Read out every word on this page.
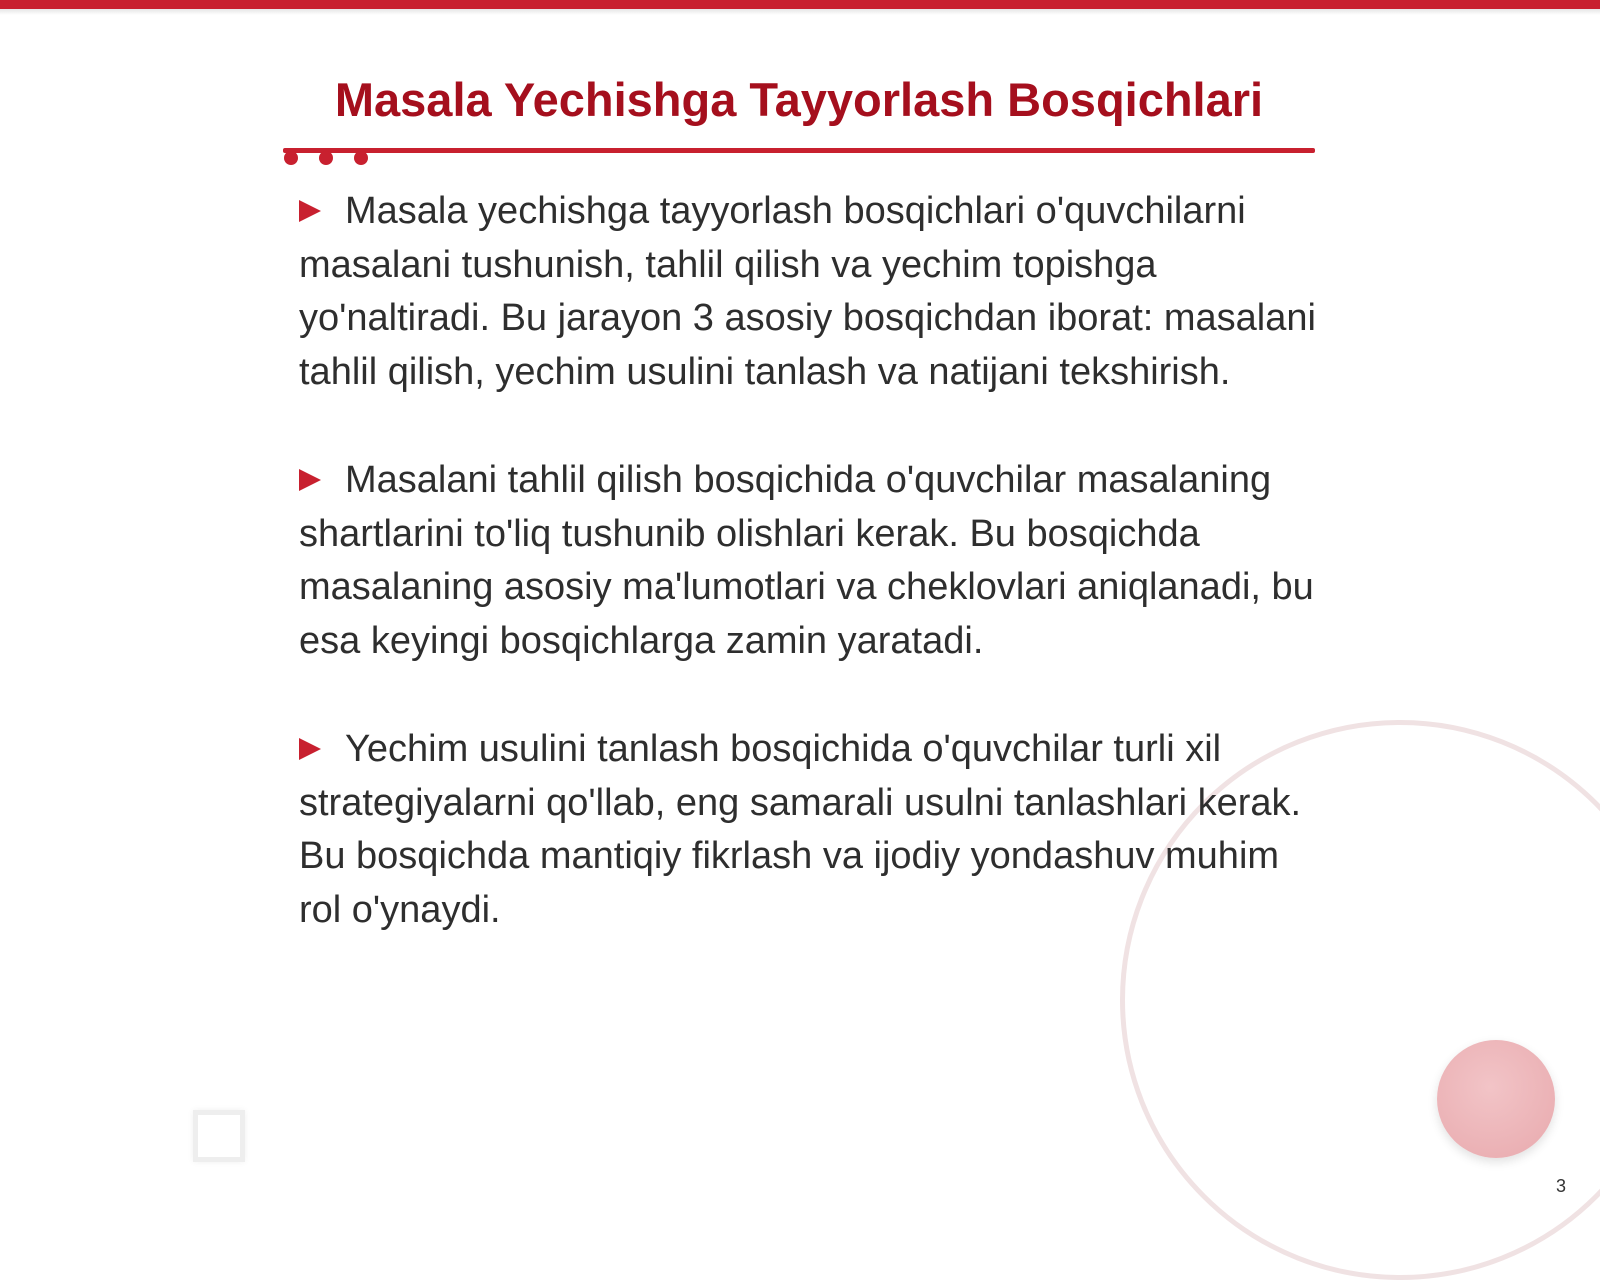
Masala Yechishga Tayyorlash Bosqichlari

Masala yechishga tayyorlash bosqichlari o'quvchilarni masalani tushunish, tahlil qilish va yechim topishga yo'naltiradi. Bu jarayon 3 asosiy bosqichdan iborat: masalani tahlil qilish, yechim usulini tanlash va natijani tekshirish.

Masalani tahlil qilish bosqichida o'quvchilar masalaning shartlarini to'liq tushunib olishlari kerak. Bu bosqichda masalaning asosiy ma'lumotlari va cheklovlari aniqlanadi, bu esa keyingi bosqichlarga zamin yaratadi.

Yechim usulini tanlash bosqichida o'quvchilar turli xil strategiyalarni qo'llab, eng samarali usulni tanlashlari kerak. Bu bosqichda mantiqiy fikrlash va ijodiy yondashuv muhim rol o'ynaydi.

3
